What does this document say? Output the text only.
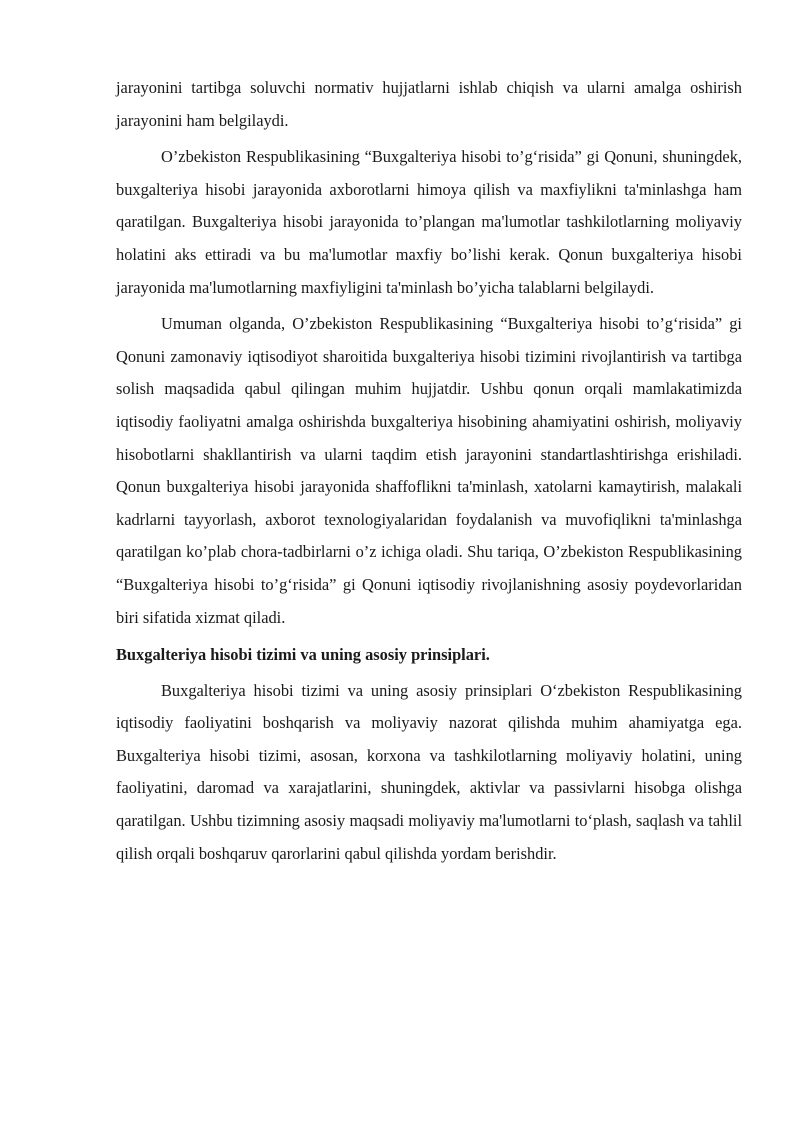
jarayonini tartibga soluvchi normativ hujjatlarni ishlab chiqish va ularni amalga oshirish jarayonini ham belgilaydi.

O’zbekiston Respublikasining “Buxgalteriya hisobi to’g‘risida” gi Qonuni, shuningdek, buxgalteriya hisobi jarayonida axborotlarni himoya qilish va maxfiylikni ta'minlashga ham qaratilgan. Buxgalteriya hisobi jarayonida to’plangan ma'lumotlar tashkilotlarning moliyaviy holatini aks ettiradi va bu ma'lumotlar maxfiy bo’lishi kerak. Qonun buxgalteriya hisobi jarayonida ma'lumotlarning maxfiyligini ta'minlash bo’yicha talablarni belgilaydi.

Umuman olganda, O’zbekiston Respublikasining “Buxgalteriya hisobi to’g‘risida” gi Qonuni zamonaviy iqtisodiyot sharoitida buxgalteriya hisobi tizimini rivojlantirish va tartibga solish maqsadida qabul qilingan muhim hujjatdir. Ushbu qonun orqali mamlakatimizda iqtisodiy faoliyatni amalga oshirishda buxgalteriya hisobining ahamiyatini oshirish, moliyaviy hisobotlarni shakllantirish va ularni taqdim etish jarayonini standartlashtirishga erishiladi. Qonun buxgalteriya hisobi jarayonida shaffoflikni ta'minlash, xatolarni kamaytirish, malakali kadrlarni tayyorlash, axborot texnologiyalaridan foydalanish va muvofiqlikni ta'minlashga qaratilgan ko’plab chora-tadbirlarni o’z ichiga oladi. Shu tariqa, O’zbekiston Respublikasining “Buxgalteriya hisobi to’g‘risida” gi Qonuni iqtisodiy rivojlanishning asosiy poydevorlaridan biri sifatida xizmat qiladi.

Buxgalteriya hisobi tizimi va uning asosiy prinsiplari.

Buxgalteriya hisobi tizimi va uning asosiy prinsiplari O‘zbekiston Respublikasining iqtisodiy faoliyatini boshqarish va moliyaviy nazorat qilishda muhim ahamiyatga ega. Buxgalteriya hisobi tizimi, asosan, korxona va tashkilotlarning moliyaviy holatini, uning faoliyatini, daromad va xarajatlarini, shuningdek, aktivlar va passivlarni hisobga olishga qaratilgan. Ushbu tizimning asosiy maqsadi moliyaviy ma'lumotlarni to‘plash, saqlash va tahlil qilish orqali boshqaruv qarorlarini qabul qilishda yordam berishdir.
